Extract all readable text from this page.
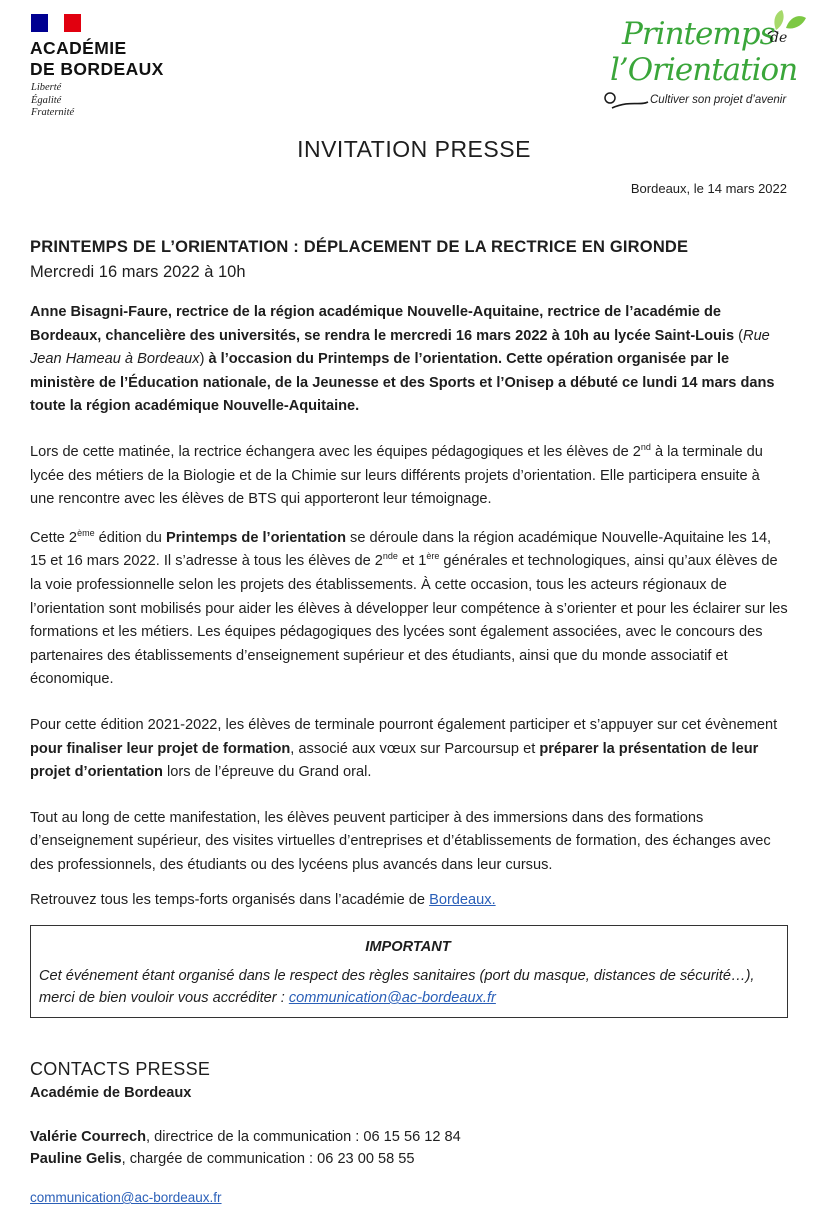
ACADÉMIE
DE BORDEAUX
Liberté
Égalité
Fraternité
Printemps
de
l’Orientation
Cultiver son projet d’avenir
INVITATION PRESSE
Bordeaux, le 14 mars 2022
PRINTEMPS DE L’ORIENTATION : DÉPLACEMENT DE LA RECTRICE EN GIRONDE
Mercredi 16 mars 2022 à 10h

Anne Bisagni-Faure, rectrice de la région académique Nouvelle-Aquitaine, rectrice de l’académie de Bordeaux, chancelière des universités, se rendra le mercredi 16 mars 2022 à 10h au lycée Saint-Louis (Rue Jean Hameau à Bordeaux) à l’occasion du Printemps de l’orientation. Cette opération organisée par le ministère de l’Éducation nationale, de la Jeunesse et des Sports et l’Onisep a débuté ce lundi 14 mars dans toute la région académique Nouvelle-Aquitaine.

Lors de cette matinée, la rectrice échangera avec les équipes pédagogiques et les élèves de 2nd à la terminale du lycée des métiers de la Biologie et de la Chimie sur leurs différents projets d’orientation. Elle participera ensuite à une rencontre avec les élèves de BTS qui apporteront leur témoignage.

Cette 2ème édition du Printemps de l’orientation se déroule dans la région académique Nouvelle-Aquitaine les 14, 15 et 16 mars 2022. Il s’adresse à tous les élèves de 2nde et 1ère générales et technologiques, ainsi qu’aux élèves de la voie professionnelle selon les projets des établissements. À cette occasion, tous les acteurs régionaux de l’orientation sont mobilisés pour aider les élèves à développer leur compétence à s’orienter et pour les éclairer sur les formations et les métiers. Les équipes pédagogiques des lycées sont également associées, avec le concours des partenaires des établissements d’enseignement supérieur et des étudiants, ainsi que du monde associatif et économique.

Pour cette édition 2021-2022, les élèves de terminale pourront également participer et s’appuyer sur cet évènement pour finaliser leur projet de formation, associé aux vœux sur Parcoursup et préparer la présentation de leur projet d’orientation lors de l’épreuve du Grand oral.

Tout au long de cette manifestation, les élèves peuvent participer à des immersions dans des formations d’enseignement supérieur, des visites virtuelles d’entreprises et d’établissements de formation, des échanges avec des professionnels, des étudiants ou des lycéens plus avancés dans leur cursus.

Retrouvez tous les temps-forts organisés dans l’académie de Bordeaux.

IMPORTANT
Cet événement étant organisé dans le respect des règles sanitaires (port du masque, distances de sécurité…), merci de bien vouloir vous accréditer : communication@ac-bordeaux.fr
CONTACTS PRESSE
Académie de Bordeaux
Valérie Courrech, directrice de la communication : 06 15 56 12 84
Pauline Gelis, chargée de communication : 06 23 00 58 55
communication@ac-bordeaux.fr
